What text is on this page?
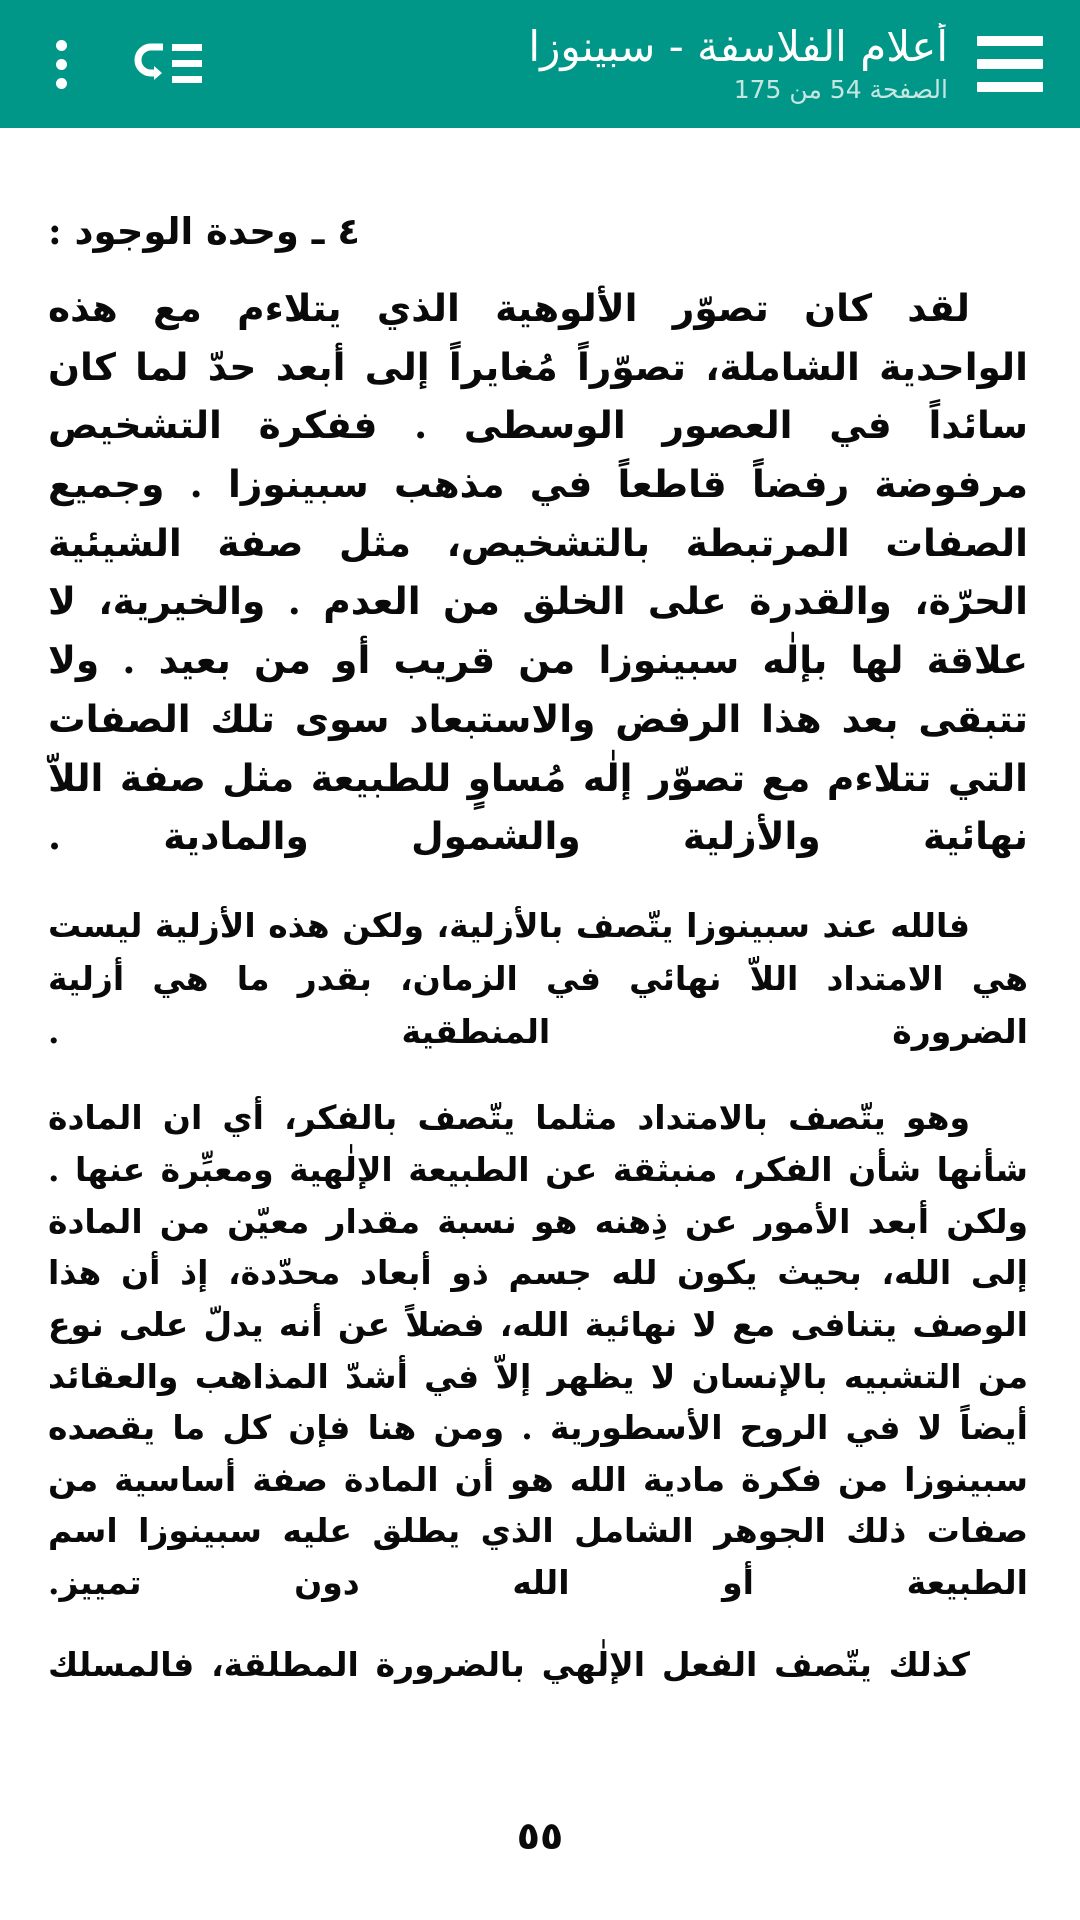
أعلام الفلاسفة - سبينوزا
الصفحة 54 من 175
٤ ـ وحدة الوجود :

لقد كان تصوّر الألوهية الذي يتلاءم مع هذه الواحدية الشاملة، تصوّراً مُغايراً إلى أبعد حدّ لما كان سائداً في العصور الوسطى . ففكرة التشخيص مرفوضة رفضاً قاطعاً في مذهب سبينوزا . وجميع الصفات المرتبطة بالتشخيص، مثل صفة الشيئية الحرّة، والقدرة على الخلق من العدم . والخيرية، لا علاقة لها بإلٰه سبينوزا من قريب أو من بعيد . ولا تتبقى بعد هذا الرفض والاستبعاد سوى تلك الصفات التي تتلاءم مع تصوّر إلٰه مُساوٍ للطبيعة مثل صفة اللاّ نهائية والأزلية والشمول والمادية .

فالله عند سبينوزا يتّصف بالأزلية، ولكن هذه الأزلية ليست هي الامتداد اللاّ نهائي في الزمان، بقدر ما هي أزلية الضرورة المنطقية .

وهو يتّصف بالامتداد مثلما يتّصف بالفكر، أي ان المادة شأنها شأن الفكر، منبثقة عن الطبيعة الإلٰهية ومعبِّرة عنها . ولكن أبعد الأمور عن ذِهنه هو نسبة مقدار معيّن من المادة إلى الله، بحيث يكون لله جسم ذو أبعاد محدّدة، إذ أن هذا الوصف يتنافى مع لا نهائية الله، فضلاً عن أنه يدلّ على نوع من التشبيه بالإنسان لا يظهر إلاّ في أشدّ المذاهب والعقائد أيضاً لا في الروح الأسطورية . ومن هنا فإن كل ما يقصده سبينوزا من فكرة مادية الله هو أن المادة صفة أساسية من صفات ذلك الجوهر الشامل الذي يطلق عليه سبينوزا اسم الطبيعة أو الله دون تمييز.

كذلك يتّصف الفعل الإلٰهي بالضرورة المطلقة، فالمسلك

٥٥
